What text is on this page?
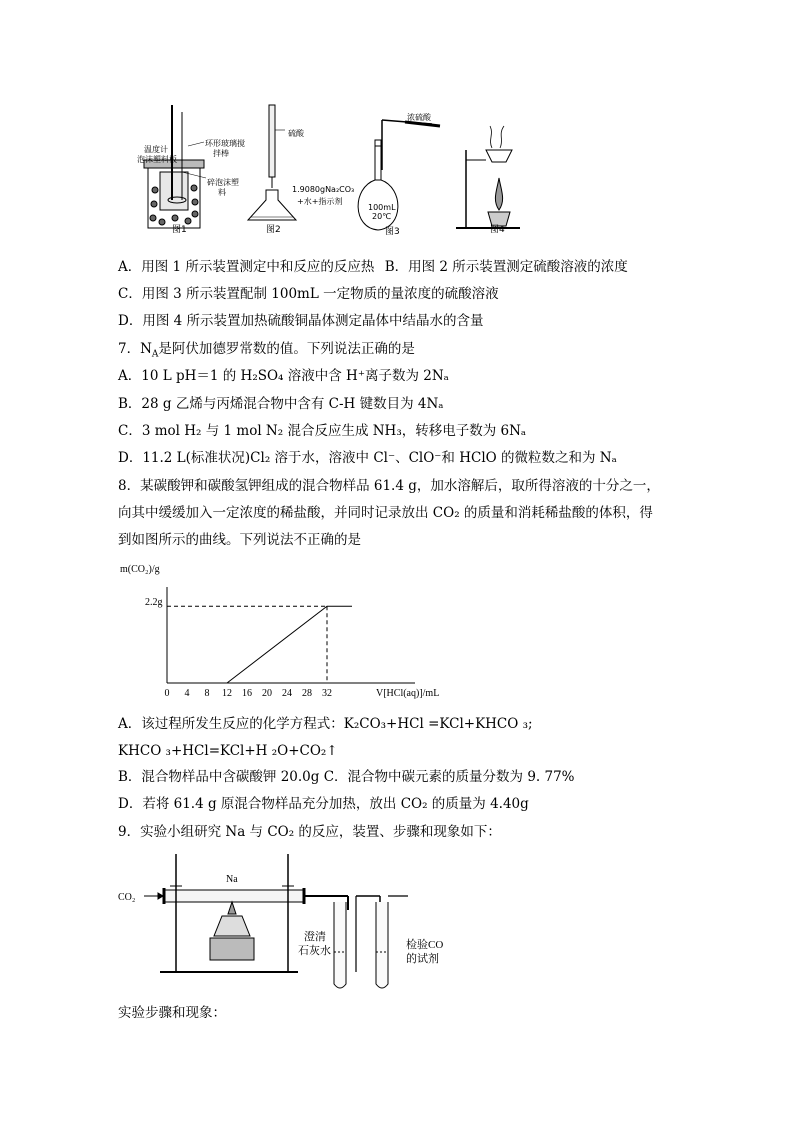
温度计
泡沫塑料板
环形玻璃搅
拌棒
碎泡沫塑
料
图1
硫酸
1.9080gNa₂CO₃
+水+指示剂
图2
浓硫酸
100mL
20℃
图3	图4
A．用图 1 所示装置测定中和反应的反应热 B．用图 2 所示装置测定硫酸溶液的浓度
C．用图 3 所示装置配制 100mL 一定物质的量浓度的硫酸溶液
D．用图 4 所示装置加热硫酸铜晶体测定晶体中结晶水的含量
7．$N_A$是阿伏加德罗常数的值。下列说法正确的是
A．10 L pH＝1 的 H₂SO₄ 溶液中含 H⁺离子数为 2Nₐ
B．28 g 乙烯与丙烯混合物中含有 C-H 键数目为 4Nₐ
C．3 mol H₂ 与 1 mol N₂ 混合反应生成 NH₃，转移电子数为 6Nₐ
D．11.2 L(标准状况)Cl₂ 溶于水，溶液中 Cl⁻、ClO⁻和 HClO 的微粒数之和为 Nₐ
8．某碳酸钾和碳酸氢钾组成的混合物样品 61.4 g，加水溶解后，取所得溶液的十分之一，
向其中缓缓加入一定浓度的稀盐酸，并同时记录放出 CO₂ 的质量和消耗稀盐酸的体积，得
到如图所示的曲线。下列说法不正确的是
m(CO₂)/g
V[HCl(aq)]/mL
2.2g
0 4 8 12 16 20 24 28 32
A．该过程所发生反应的化学方程式：K₂CO₃+HCl =KCl+KHCO ₃;
KHCO ₃+HCl=KCl+H ₂O+CO₂↑
B．混合物样品中含碳酸钾 20.0g C．混合物中碳元素的质量分数为 9. 77%
D．若将 61.4 g 原混合物样品充分加热，放出 CO₂ 的质量为 4.40g
9．实验小组研究 Na 与 CO₂ 的反应，装置、步骤和现象如下：
CO₂
Na
澄清
石灰水	检验CO
的试剂
实验步骤和现象：
